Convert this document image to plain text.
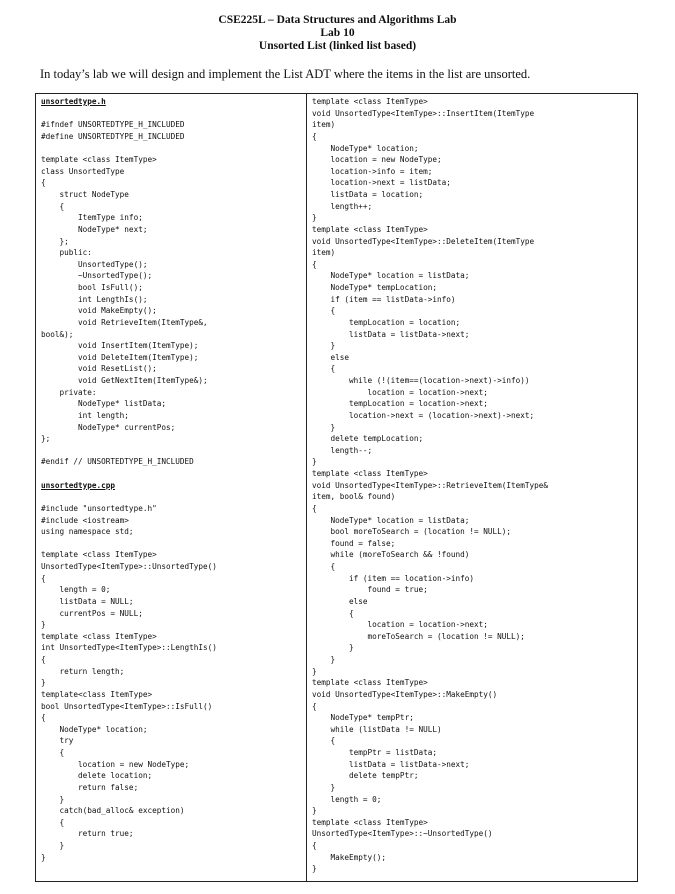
CSE225L – Data Structures and Algorithms Lab
Lab 10
Unsorted List (linked list based)
In today’s lab we will design and implement the List ADT where the items in the list are unsorted.
unsortedtype.h
#ifndef UNSORTEDTYPE_H_INCLUDED
#define UNSORTEDTYPE_H_INCLUDED
template <class ItemType>
class UnsortedType
{
struct NodeType
{
ItemType info;
NodeType* next;
};
public:
UnsortedType();
~UnsortedType();
bool IsFull();
int LengthIs();
void MakeEmpty();
void RetrieveItem(ItemType&,
bool&);
void InsertItem(ItemType);
void DeleteItem(ItemType);
void ResetList();
void GetNextItem(ItemType&);
private:
NodeType* listData;
int length;
NodeType* currentPos;
};
#endif // UNSORTEDTYPE_H_INCLUDED
unsortedtype.cpp
#include "unsortedtype.h"
#include <iostream>
using namespace std;
template <class ItemType>
UnsortedType<ItemType>::UnsortedType()
{
length = 0;
listData = NULL;
currentPos = NULL;
}
template <class ItemType>
int UnsortedType<ItemType>::LengthIs()
{
return length;
}
template<class ItemType>
bool UnsortedType<ItemType>::IsFull()
{
NodeType* location;
try
{
location = new NodeType;
delete location;
return false;
}
catch(bad_alloc& exception)
{
return true;
}
}
template <class ItemType>
void UnsortedType<ItemType>::InsertItem(ItemType
item)
{
NodeType* location;
location = new NodeType;
location->info = item;
location->next = listData;
listData = location;
length++;
}
template <class ItemType>
void UnsortedType<ItemType>::DeleteItem(ItemType
item)
{
NodeType* location = listData;
NodeType* tempLocation;
if (item == listData->info)
{
tempLocation = location;
listData = listData->next;
}
else
{
while (!(item==(location->next)->info))
location = location->next;
tempLocation = location->next;
location->next = (location->next)->next;
}
delete tempLocation;
length--;
}
template <class ItemType>
void UnsortedType<ItemType>::RetrieveItem(ItemType&
item, bool& found)
{
NodeType* location = listData;
bool moreToSearch = (location != NULL);
found = false;
while (moreToSearch && !found)
{
if (item == location->info)
found = true;
else
{
location = location->next;
moreToSearch = (location != NULL);
}
}
}
template <class ItemType>
void UnsortedType<ItemType>::MakeEmpty()
{
NodeType* tempPtr;
while (listData != NULL)
{
tempPtr = listData;
listData = listData->next;
delete tempPtr;
}
length = 0;
}
template <class ItemType>
UnsortedType<ItemType>::~UnsortedType()
{
MakeEmpty();
}
